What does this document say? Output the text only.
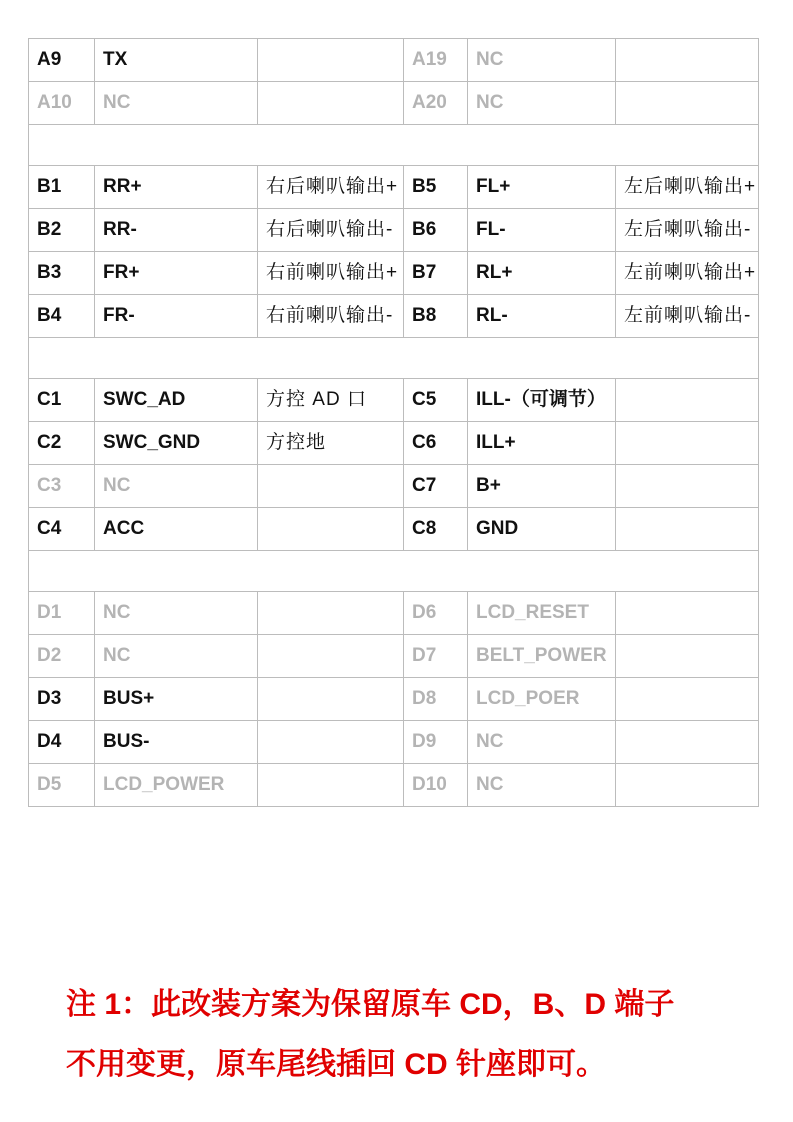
A9	TX		A19	NC	
A10	NC		A20	NC	

B1	RR+	右后喇叭输出+	B5	FL+	左后喇叭输出+
B2	RR-	右后喇叭输出-	B6	FL-	左后喇叭输出-
B3	FR+	右前喇叭输出+	B7	RL+	左前喇叭输出+
B4	FR-	右前喇叭输出-	B8	RL-	左前喇叭输出-

C1	SWC_AD	方控 AD 口	C5	ILL-（可调节）	
C2	SWC_GND	方控地	C6	ILL+	
C3	NC		C7	B+	
C4	ACC		C8	GND	

D1	NC		D6	LCD_RESET	
D2	NC		D7	BELT_POWER	
D3	BUS+		D8	LCD_POER	
D4	BUS-		D9	NC	
D5	LCD_POWER		D10	NC	

注 1：此改装方案为保留原车 CD，B、D 端子

不用变更，原车尾线插回 CD 针座即可。
